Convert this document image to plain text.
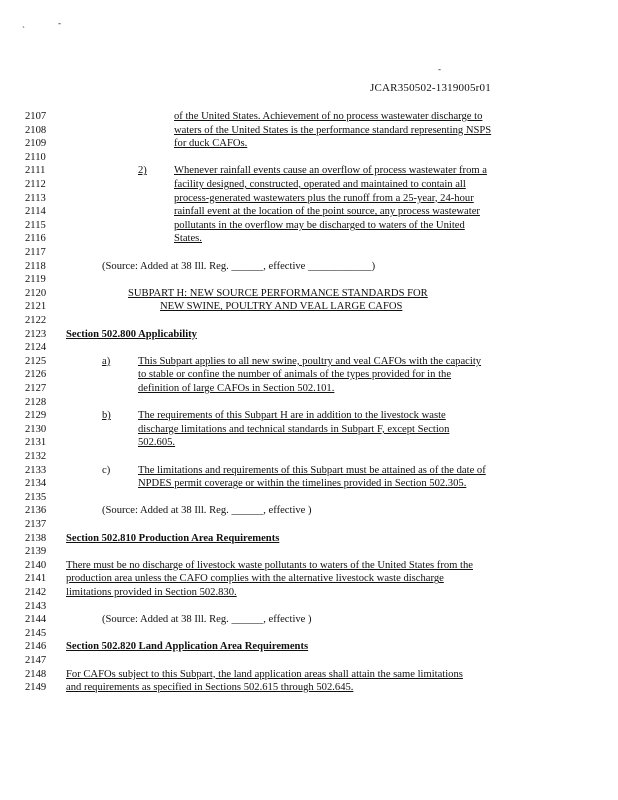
`
-
-
JCAR350502-1319005r01
2107
2108
2109
2110
2111
2112
2113
2114
2115
2116
2117
2118
2119
2120
2121
2122
2123
2124
2125
2126
2127
2128
2129
2130
2131
2132
2133
2134
2135
2136
2137
2138
2139
2140
2141
2142
2143
2144
2145
2146
2147
2148
2149
of the United States. Achievement of no process wastewater discharge to
waters of the United States is the performance standard representing NSPS
for duck CAFOs.
2)	Whenever rainfall events cause an overflow of process wastewater from a
facility designed, constructed, operated and maintained to contain all
process-generated wastewaters plus the runoff from a 25-year, 24-hour
rainfall event at the location of the point source, any process wastewater
pollutants in the overflow may be discharged to waters of the United
States.
(Source: Added at 38 Ill. Reg. ______, effective ____________)
SUBPART H: NEW SOURCE PERFORMANCE STANDARDS FOR
NEW SWINE, POULTRY AND VEAL LARGE CAFOS
Section 502.800 Applicability
a)	This Subpart applies to all new swine, poultry and veal CAFOs with the capacity
to stable or confine the number of animals of the types provided for in the
definition of large CAFOs in Section 502.101.
b)	The requirements of this Subpart H are in addition to the livestock waste
discharge limitations and technical standards in Subpart F, except Section
502.605.
c)	The limitations and requirements of this Subpart must be attained as of the date of
NPDES permit coverage or within the timelines provided in Section 502.305.
(Source: Added at 38 Ill. Reg. ______, effective )
Section 502.810 Production Area Requirements
There must be no discharge of livestock waste pollutants to waters of the United States from the
production area unless the CAFO complies with the alternative livestock waste discharge
limitations provided in Section 502.830.
(Source: Added at 38 Ill. Reg. ______, effective )
Section 502.820 Land Application Area Requirements
For CAFOs subject to this Subpart, the land application areas shall attain the same limitations
and requirements as specified in Sections 502.615 through 502.645.
